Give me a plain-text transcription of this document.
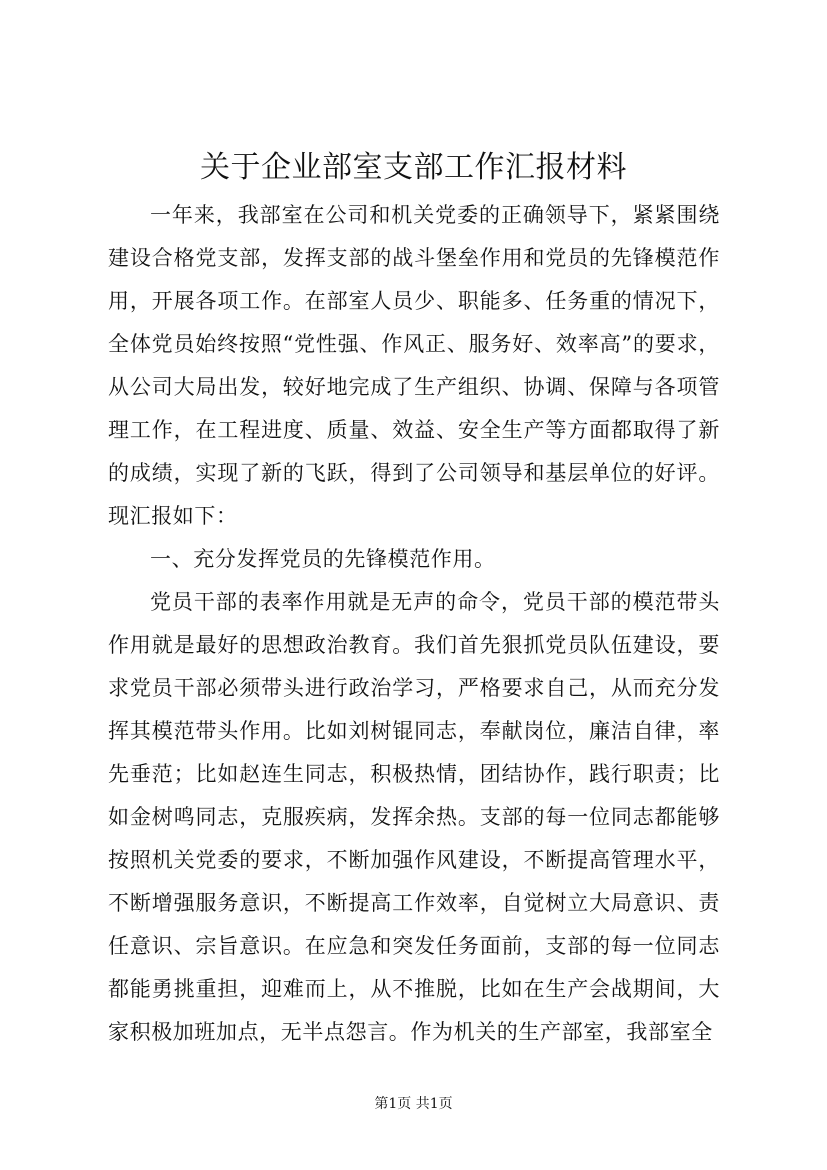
关于企业部室支部工作汇报材料

一年来，我部室在公司和机关党委的正确领导下，紧紧围绕建设合格党支部，发挥支部的战斗堡垒作用和党员的先锋模范作用，开展各项工作。在部室人员少、职能多、任务重的情况下，全体党员始终按照“党性强、作风正、服务好、效率高”的要求，从公司大局出发，较好地完成了生产组织、协调、保障与各项管理工作，在工程进度、质量、效益、安全生产等方面都取得了新的成绩，实现了新的飞跃，得到了公司领导和基层单位的好评。现汇报如下：

一、充分发挥党员的先锋模范作用。

党员干部的表率作用就是无声的命令，党员干部的模范带头作用就是最好的思想政治教育。我们首先狠抓党员队伍建设，要求党员干部必须带头进行政治学习，严格要求自己，从而充分发挥其模范带头作用。比如刘树锟同志，奉献岗位，廉洁自律，率先垂范；比如赵连生同志，积极热情，团结协作，践行职责；比如金树鸣同志，克服疾病，发挥余热。支部的每一位同志都能够按照机关党委的要求，不断加强作风建设，不断提高管理水平，不断增强服务意识，不断提高工作效率，自觉树立大局意识、责任意识、宗旨意识。在应急和突发任务面前，支部的每一位同志都能勇挑重担，迎难而上，从不推脱，比如在生产会战期间，大家积极加班加点，无半点怨言。作为机关的生产部室，我部室全

第1页 共1页
